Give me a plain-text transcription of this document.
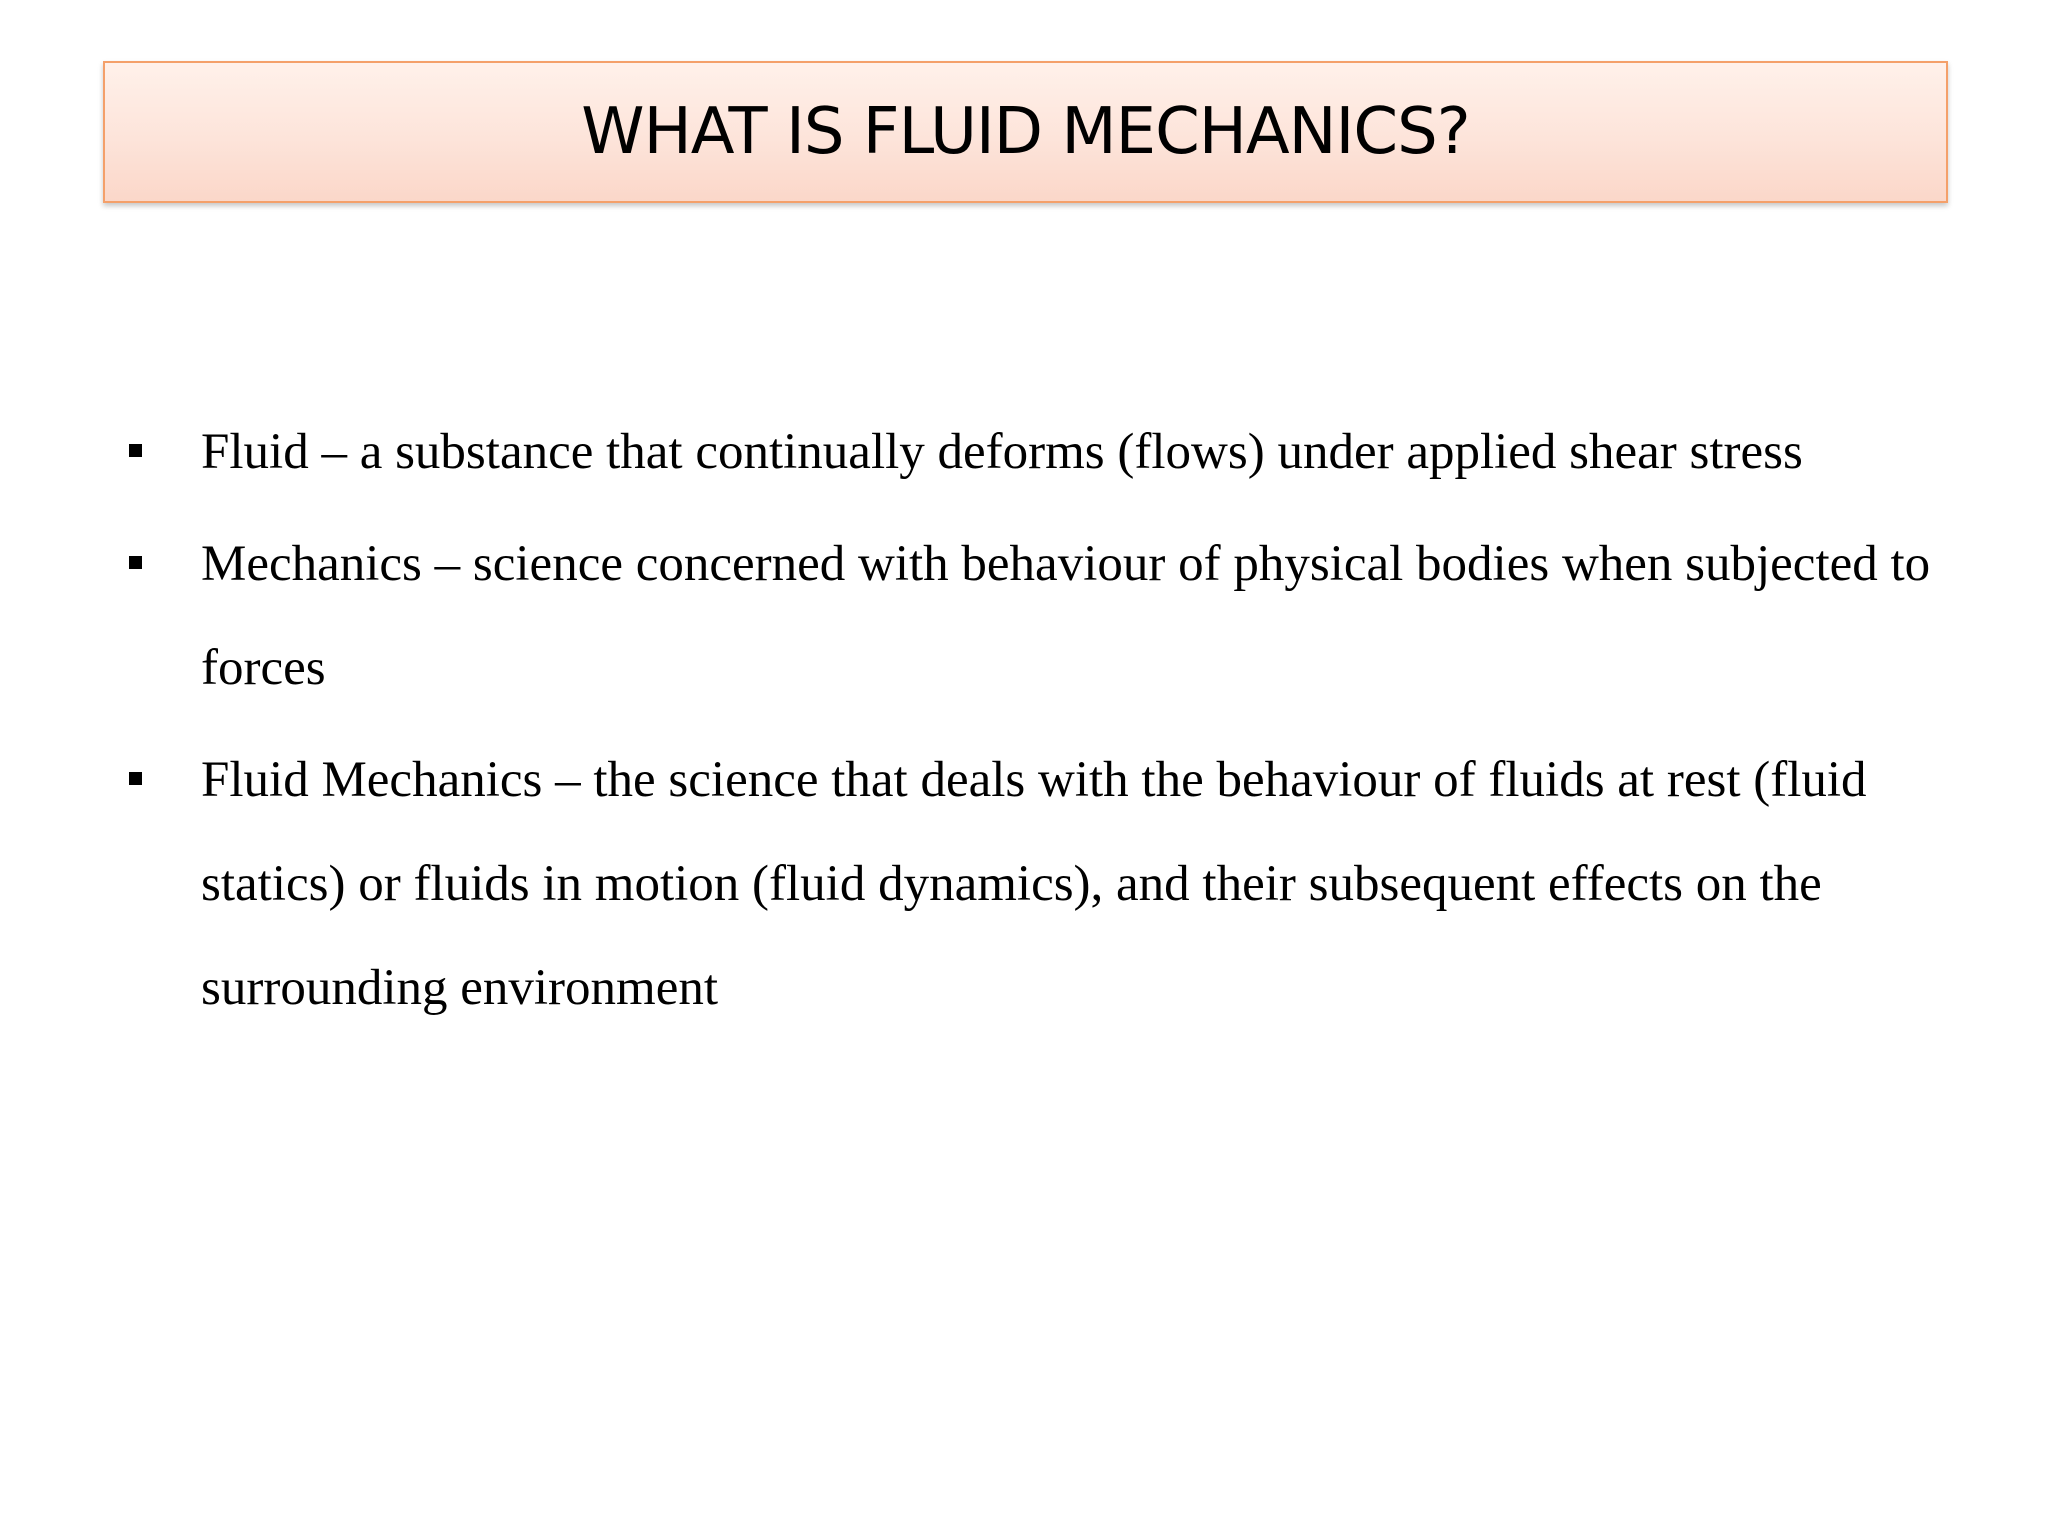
WHAT IS FLUID MECHANICS?
Fluid – a substance that continually deforms (flows) under applied shear stress
Mechanics – science concerned with behaviour of physical bodies when subjected to forces
Fluid Mechanics – the science that deals with the behaviour of fluids at rest (fluid statics) or fluids in motion (fluid dynamics), and their subsequent effects on the surrounding environment
